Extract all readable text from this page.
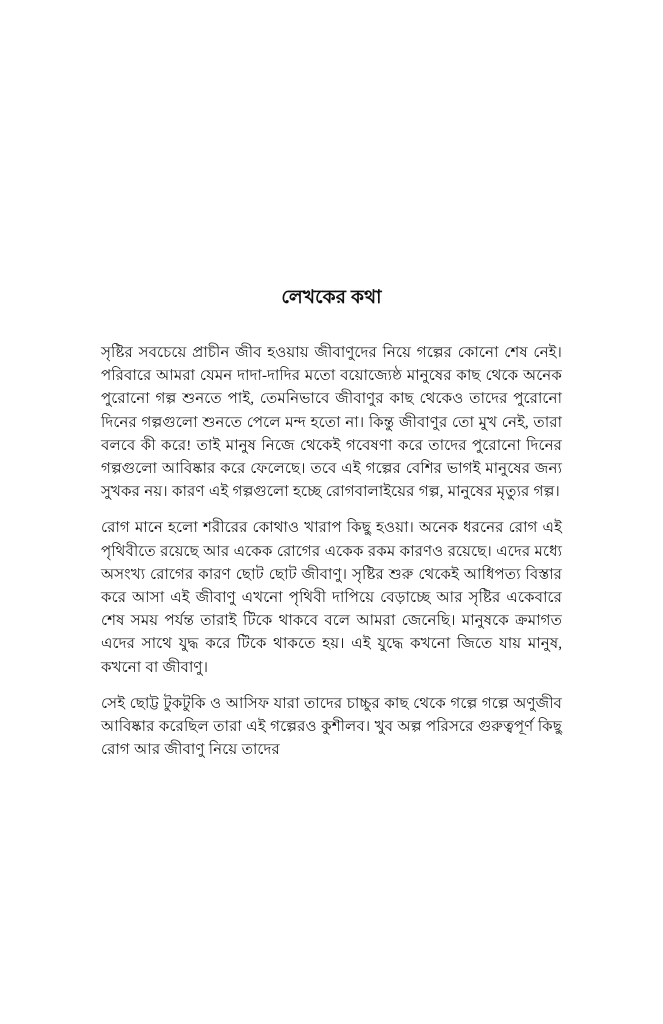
লেখকের কথা

সৃষ্টির সবচেয়ে প্রাচীন জীব হওয়ায় জীবাণুদের নিয়ে গল্পের কোনো শেষ নেই। পরিবারে আমরা যেমন দাদা-দাদির মতো বয়োজ্যেষ্ঠ মানুষের কাছ থেকে অনেক পুরোনো গল্প শুনতে পাই, তেমনিভাবে জীবাণুর কাছ থেকেও তাদের পুরোনো দিনের গল্পগুলো শুনতে পেলে মন্দ হতো না। কিন্তু জীবাণুর তো মুখ নেই, তারা বলবে কী করে! তাই মানুষ নিজে থেকেই গবেষণা করে তাদের পুরোনো দিনের গল্পগুলো আবিষ্কার করে ফেলেছে। তবে এই গল্পের বেশির ভাগই মানুষের জন্য সুখকর নয়। কারণ এই গল্পগুলো হচ্ছে রোগবালাইয়ের গল্প, মানুষের মৃত্যুর গল্প।

রোগ মানে হলো শরীরের কোথাও খারাপ কিছু হওয়া। অনেক ধরনের রোগ এই পৃথিবীতে রয়েছে আর একেক রোগের একেক রকম কারণও রয়েছে। এদের মধ্যে অসংখ্য রোগের কারণ ছোট ছোট জীবাণু। সৃষ্টির শুরু থেকেই আধিপত্য বিস্তার করে আসা এই জীবাণু এখনো পৃথিবী দাপিয়ে বেড়াচ্ছে আর সৃষ্টির একেবারে শেষ সময় পর্যন্ত তারাই টিকে থাকবে বলে আমরা জেনেছি। মানুষকে ক্রমাগত এদের সাথে যুদ্ধ করে টিকে থাকতে হয়। এই যুদ্ধে কখনো জিতে যায় মানুষ, কখনো বা জীবাণু।

সেই ছোট্ট টুকটুকি ও আসিফ যারা তাদের চাচ্চুর কাছ থেকে গল্পে গল্পে অণুজীব আবিষ্কার করেছিল তারা এই গল্পেরও কুশীলব। খুব অল্প পরিসরে গুরুত্বপূর্ণ কিছু রোগ আর জীবাণু নিয়ে তাদের
